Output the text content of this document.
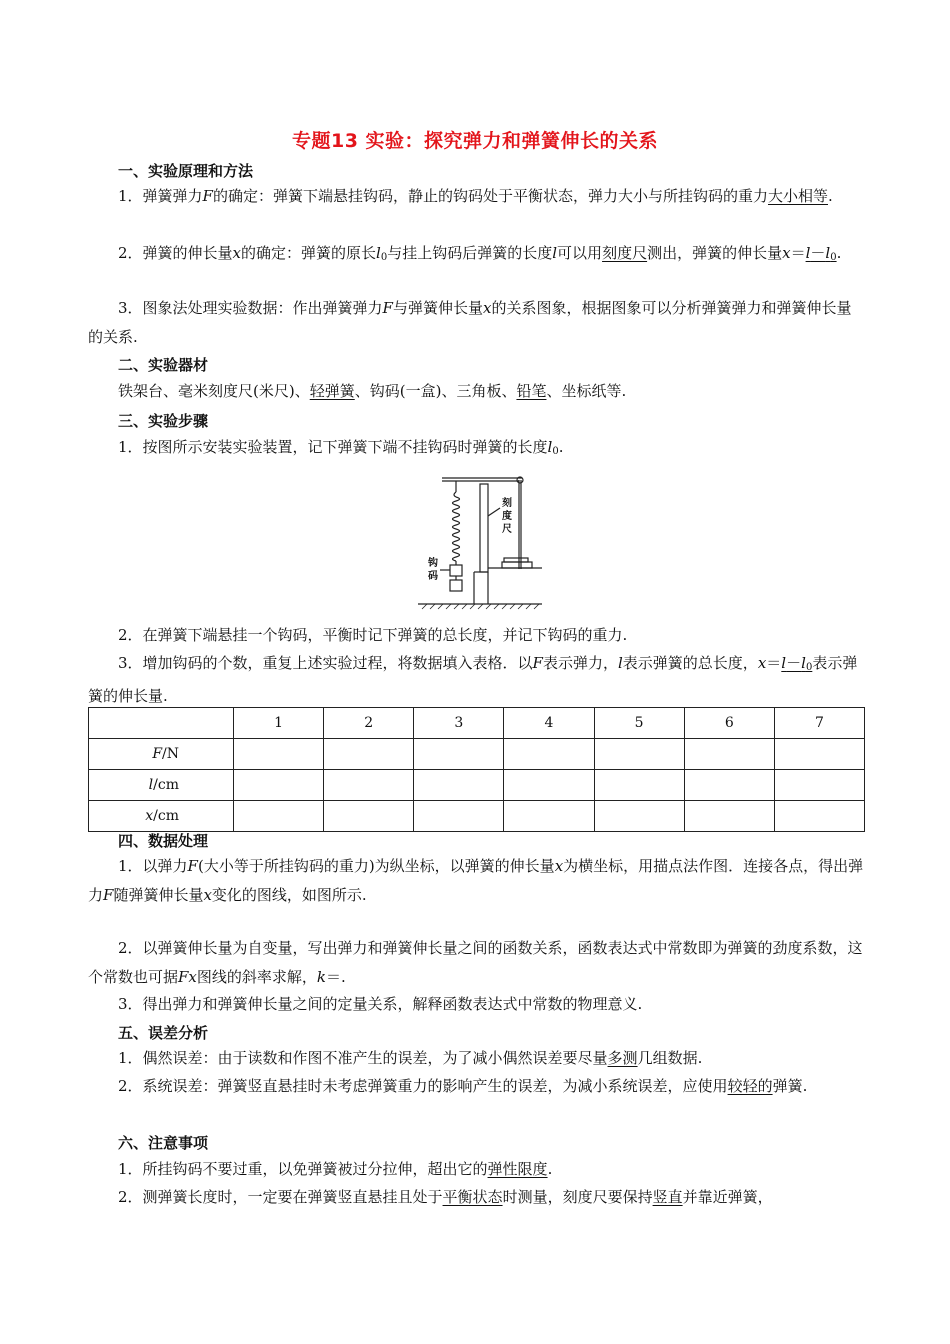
专题13 实验：探究弹力和弹簧伸长的关系
一、实验原理和方法
1．弹簧弹力F的确定：弹簧下端悬挂钩码，静止的钩码处于平衡状态，弹力大小与所挂钩码的重力大小相等.
2．弹簧的伸长量x的确定：弹簧的原长$l_0$与挂上钩码后弹簧的长度l可以用刻度尺测出，弹簧的伸长量$x=l-l_0$.
3．图象法处理实验数据：作出弹簧弹力F与弹簧伸长量x的关系图象，根据图象可以分析弹簧弹力和弹簧伸长量的关系.
二、实验器材
铁架台、毫米刻度尺(米尺)、轻弹簧、钩码(一盒)、三角板、铅笔、坐标纸等.
三、实验步骤
1．按图所示安装实验装置，记下弹簧下端不挂钩码时弹簧的长度$l_0$.
刻
度
尺
钩
码
2．在弹簧下端悬挂一个钩码，平衡时记下弹簧的总长度，并记下钩码的重力.
3．增加钩码的个数，重复上述实验过程，将数据填入表格．以F表示弹力，l表示弹簧的总长度，$x=l-l_0$表示弹簧的伸长量.
	1	2	3	4	5	6	7
F/N							
l/cm							
x/cm							
四、数据处理
1．以弹力F(大小等于所挂钩码的重力)为纵坐标，以弹簧的伸长量x为横坐标，用描点法作图．连接各点，得出弹力F随弹簧伸长量x变化的图线，如图所示.
2．以弹簧伸长量为自变量，写出弹力和弹簧伸长量之间的函数关系，函数表达式中常数即为弹簧的劲度系数，这个常数也可据Fx图线的斜率求解，k＝.
3．得出弹力和弹簧伸长量之间的定量关系，解释函数表达式中常数的物理意义.
五、误差分析
1．偶然误差：由于读数和作图不准产生的误差，为了减小偶然误差要尽量多测几组数据.
2．系统误差：弹簧竖直悬挂时未考虑弹簧重力的影响产生的误差，为减小系统误差，应使用较轻的弹簧.
六、注意事项
1．所挂钩码不要过重，以免弹簧被过分拉伸，超出它的弹性限度.
2．测弹簧长度时，一定要在弹簧竖直悬挂且处于平衡状态时测量，刻度尺要保持竖直并靠近弹簧，
